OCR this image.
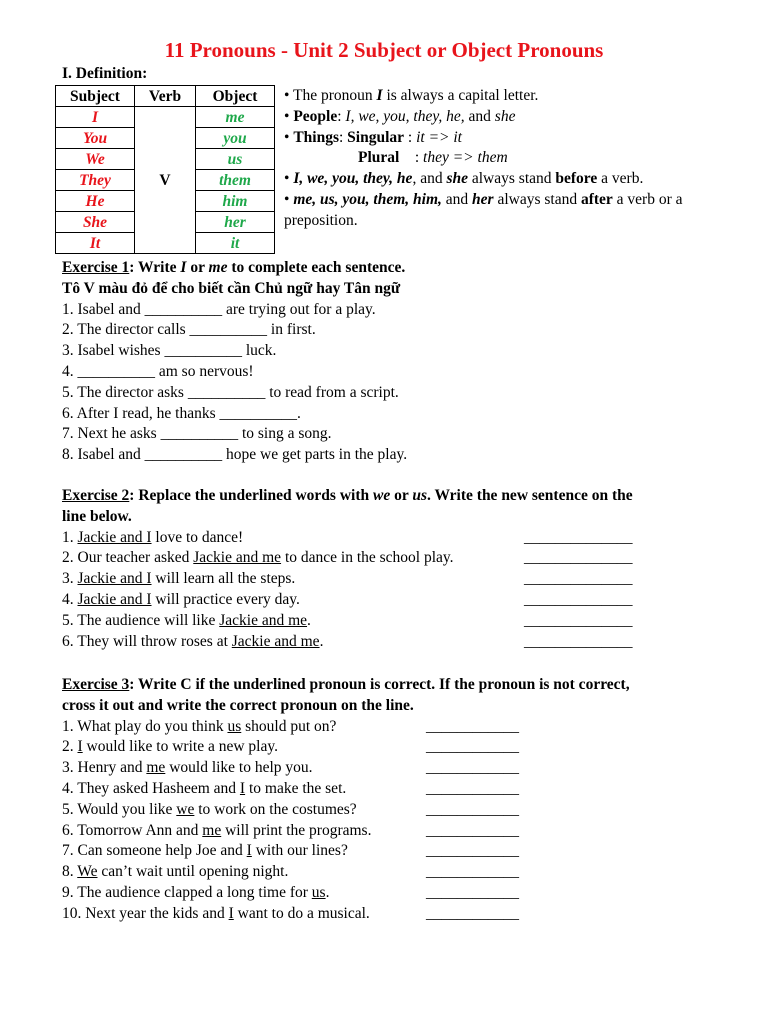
11 Pronouns - Unit 2 Subject or Object Pronouns
I. Definition:
Subject	Verb	Object
I	V	me
You		you
We		us
They		them
He		him
She		her
It		it
• The pronoun I is always a capital letter.
• People: I, we, you, they, he, and she
• Things: Singular : it => it
Plural    : they => them
• I, we, you, they, he, and she always stand before a verb.
• me, us, you, them, him, and her always stand after a verb or a preposition.
Exercise 1: Write I or me to complete each sentence.
Tô V màu đỏ để cho biết cần Chủ ngữ hay Tân ngữ
1. Isabel and __________ are trying out for a play.
2. The director calls __________ in first.
3. Isabel wishes __________ luck.
4. __________ am so nervous!
5. The director asks __________ to read from a script.
6. After I read, he thanks __________.
7. Next he asks __________ to sing a song.
8. Isabel and __________ hope we get parts in the play.
Exercise 2: Replace the underlined words with we or us. Write the new sentence on the
line below.
1. Jackie and I love to dance!	______________
2. Our teacher asked Jackie and me to dance in the school play.	______________
3. Jackie and I will learn all the steps.	______________
4. Jackie and I will practice every day.	______________
5. The audience will like Jackie and me.	______________
6. They will throw roses at Jackie and me.	______________
Exercise 3: Write C if the underlined pronoun is correct. If the pronoun is not correct,
cross it out and write the correct pronoun on the line.
1. What play do you think us should put on?	____________
2. I would like to write a new play.	____________
3. Henry and me would like to help you.	____________
4. They asked Hasheem and I to make the set.	____________
5. Would you like we to work on the costumes?	____________
6. Tomorrow Ann and me will print the programs.	____________
7. Can someone help Joe and I with our lines?	____________
8. We can’t wait until opening night.	____________
9. The audience clapped a long time for us.	____________
10. Next year the kids and I want to do a musical.	____________
